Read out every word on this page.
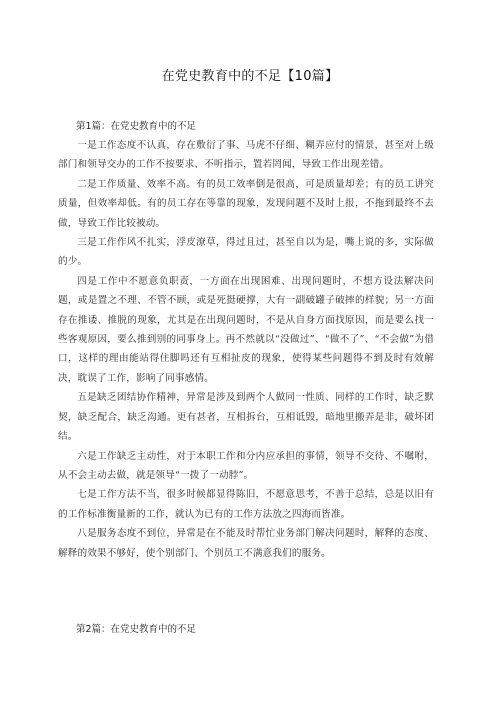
在党史教育中的不足【10篇】
第1篇：在党史教育中的不足

一是工作态度不认真，存在敷衍了事、马虎不仔细、糊弄应付的情景，甚至对上级部门和领导交办的工作不按要求、不听指示，置若罔闻，导致工作出现差错。

二是工作质量、效率不高。有的员工效率倒是很高，可是质量却差；有的员工讲究质量，但效率却低。有的员工存在等靠的现象，发现问题不及时上报，不拖到最终不去做，导致工作比较被动。

三是工作作风不扎实，浮皮潦草，得过且过，甚至自以为是，嘴上说的多，实际做的少。

四是工作中不愿意负职责，一方面在出现困难、出现问题时，不想方设法解决问题，或是置之不理、不管不顾，或是死挺硬撑，大有一副破罐子破摔的样貌；另一方面存在推诿、推脱的现象，尤其是在出现问题时，不是从自身方面找原因，而是要么找一些客观原因，要么推到别的同事身上。再不然就以“没做过”、“做不了”、“不会做”为借口，这样的理由能站得住脚吗还有互相扯皮的现象，使得某些问题得不到及时有效解决，耽误了工作，影响了同事感情。

五是缺乏团结协作精神，异常是涉及到两个人做同一性质、同样的工作时，缺乏默契，缺乏配合，缺乏沟通。更有甚者，互相拆台，互相诋毁，暗地里搬弄是非，破坏团结。

六是工作缺乏主动性，对于本职工作和分内应承担的事情，领导不交待、不嘱咐，从不会主动去做，就是领导“一拨了一动脖”。

七是工作方法不当，很多时候都显得陈旧，不愿意思考，不善于总结，总是以旧有的工作标准衡量新的工作，就认为已有的工作方法放之四海而皆准。

八是服务态度不到位，异常是在不能及时帮忙业务部门解决问题时，解释的态度、解释的效果不够好，使个别部门、个别员工不满意我们的服务。

第2篇：在党史教育中的不足
